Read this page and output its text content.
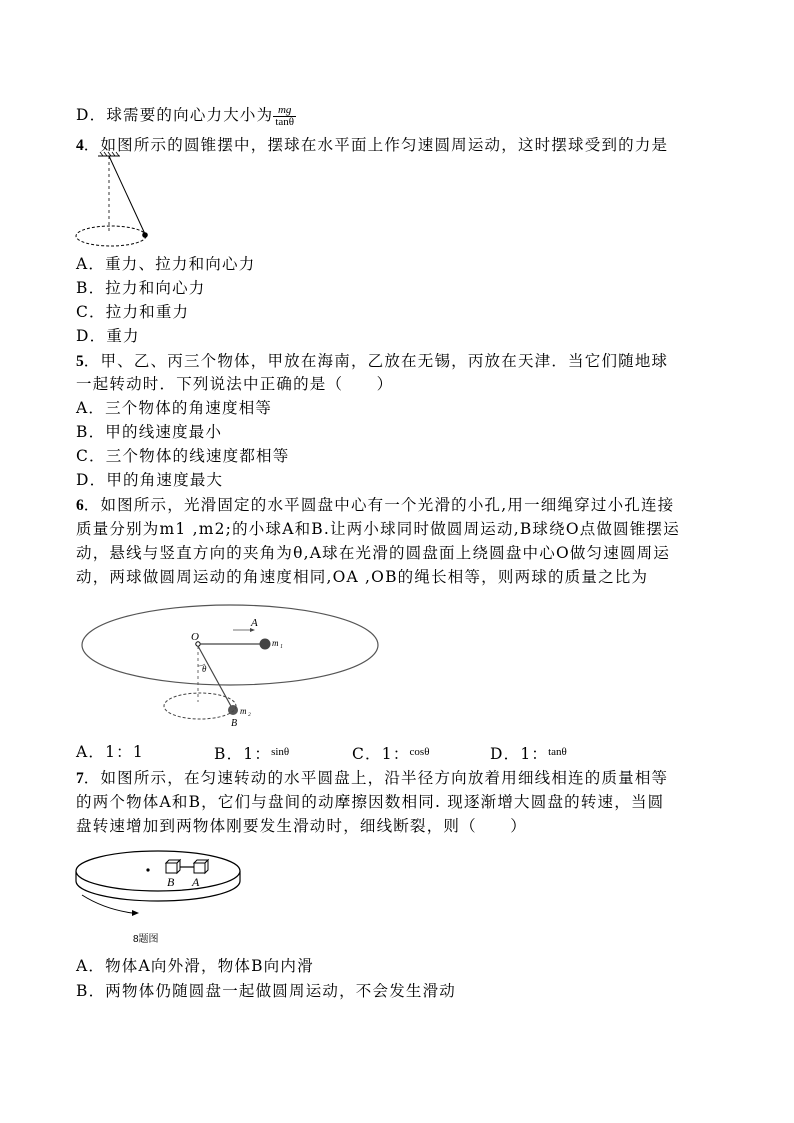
D．球需要的向心力大小为 $\frac{mg}{\tan\theta}$
4．如图所示的圆锥摆中，摆球在水平面上作匀速圆周运动，这时摆球受到的力是
A．重力、拉力和向心力
B．拉力和向心力
C．拉力和重力
D．重力
5．甲、乙、丙三个物体，甲放在海南，乙放在无锡，丙放在天津．当它们随地球
一起转动时．下列说法中正确的是（　　）
A．三个物体的角速度相等
B．甲的线速度最小
C．三个物体的线速度都相等
D．甲的角速度最大
6．如图所示，光滑固定的水平圆盘中心有一个光滑的小孔,用一细绳穿过小孔连接
质量分别为m1 ,m2;的小球A和B.让两小球同时做圆周运动,B球绕O点做圆锥摆运
动，悬线与竖直方向的夹角为θ,A球在光滑的圆盘面上绕圆盘中心O做匀速圆周运
动，两球做圆周运动的角速度相同,OA ,OB的绳长相等，则两球的质量之比为
O
A
m₁
θ
B
m₂
A．1：1	B．1：$^{sin\theta}$	C．1：$^{cos\theta}$	D．1：$^{tan\theta}$
7．如图所示，在匀速转动的水平圆盘上，沿半径方向放着用细线相连的质量相等
的两个物体A和B，它们与盘间的动摩擦因数相同. 现逐渐增大圆盘的转速，当圆
盘转速增加到两物体刚要发生滑动时，细线断裂，则（　　）
B A
8题图
A．物体A向外滑，物体B向内滑
B．两物体仍随圆盘一起做圆周运动，不会发生滑动
